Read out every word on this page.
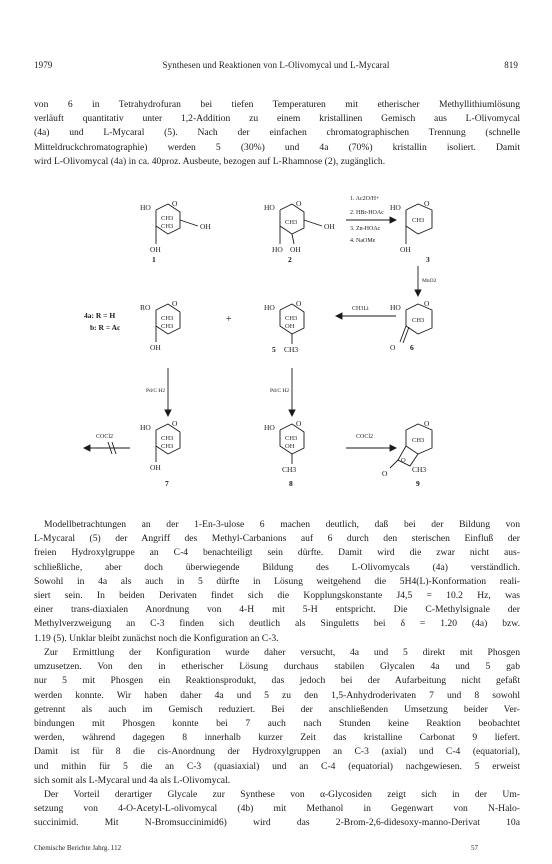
1979	Synthesen und Reaktionen von L-Olivomycal und L-Mycaral	819
von 6 in Tetrahydrofuran bei tiefen Temperaturen mit etherischer Methyllithiumlösung
verläuft quantitativ unter 1,2-Addition zu einem kristallinen Gemisch aus L-Olivomycal
(4a) und L-Mycaral (5). Nach der einfachen chromatographischen Trennung (schnelle
Mitteldruckchromatographie) werden 5 (30%) und 4a (70%) kristallin isoliert. Damit
wird L-Olivomycal (4a) in ca. 40proz. Ausbeute, bezogen auf L-Rhamnose (2), zugänglich.
HO	O
CH3
CH3	OH
OH
1
HO	O
CH3	OH
HO OH
2
1. Ac2O/H+
2. HBr-HOAc
3. Zn-HOAc
4. NaOMe
HO	O
CH3
OH
3
MnO2
4a: R = H
b: R = Ac
RO	O
CH3
CH3
OH
+
HO	O
CH3
OH
5 CH3
CH3Li	HO	O
CH3
O 6
Pd/C H2	Pd/C H2
COCl2
HO	O
CH3
CH3
OH
7
HO	O
CH3
OH
CH3
8
COCl2
O
CH3
O
O	CH3
9
Modellbetrachtungen an der 1-En-3-ulose 6 machen deutlich, daß bei der Bildung von
L-Mycaral (5) der Angriff des Methyl-Carbanions auf 6 durch den sterischen Einfluß der
freien Hydroxylgruppe an C-4 benachteiligt sein dürfte. Damit wird die zwar nicht aus-
schließliche, aber doch überwiegende Bildung des L-Olivomycals (4a) verständlich.
Sowohl in 4a als auch in 5 dürfte in Lösung weitgehend die 5H4(L)-Konformation reali-
siert sein. In beiden Derivaten findet sich die Kopplungskonstante J4,5 = 10.2 Hz, was
einer trans-diaxialen Anordnung von 4-H mit 5-H entspricht. Die C-Methylsignale der
Methylverzweigung an C-3 finden sich deutlich als Singuletts bei δ = 1.20 (4a) bzw.
1.19 (5). Unklar bleibt zunächst noch die Konfiguration an C-3.
Zur Ermittlung der Konfiguration wurde daher versucht, 4a und 5 direkt mit Phosgen
umzusetzen. Von den in etherischer Lösung durchaus stabilen Glycalen 4a und 5 gab
nur 5 mit Phosgen ein Reaktionsprodukt, das jedoch bei der Aufarbeitung nicht gefaßt
werden konnte. Wir haben daher 4a und 5 zu den 1,5-Anhydroderivaten 7 und 8 sowohl
getrennt als auch im Gemisch reduziert. Bei der anschließenden Umsetzung beider Ver-
bindungen mit Phosgen konnte bei 7 auch nach Stunden keine Reaktion beobachtet
werden, während dagegen 8 innerhalb kurzer Zeit das kristalline Carbonat 9 liefert.
Damit ist für 8 die cis-Anordnung der Hydroxylgruppen an C-3 (axial) und C-4 (equatorial),
und mithin für 5 die an C-3 (quasiaxial) und an C-4 (equatorial) nachgewiesen. 5 erweist
sich somit als L-Mycaral und 4a als L-Olivomycal.
Der Vorteil derartiger Glycale zur Synthese von α-Glycosiden zeigt sich in der Um-
setzung von 4-O-Acetyl-L-olivomycal (4b) mit Methanol in Gegenwart von N-Halo-
succinimid. Mit N-Bromsuccinimid6) wird das 2-Brom-2,6-didesoxy-manno-Derivat 10a
Chemische Berichte Jahrg. 112	57
